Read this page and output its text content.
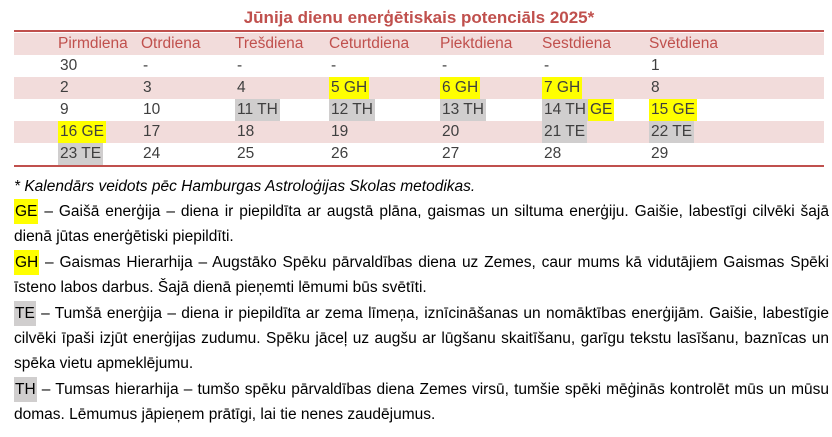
Jūnija dienu enerģētiskais potenciāls 2025*
Pirmdiena	Otrdiena	Trešdiena	Ceturtdiena	Piektdiena	Sestdiena	Svētdiena
30	-	-	-	-	-	1
2	3	4	5 GH	6 GH	7 GH	8
9	10	11 TH	12 TH	13 TH	14 TH GE	15 GE
16 GE	17	18	19	20	21 TE	22 TE
23 TE	24	25	26	27	28	29
* Kalendārs veidots pēc Hamburgas Astroloģijas Skolas metodikas.
GE – Gaišā enerģija – diena ir piepildīta ar augstā plāna, gaismas un siltuma enerģiju. Gaišie, labestīgi cilvēki šajā dienā jūtas enerģētiski piepildīti.
GH – Gaismas Hierarhija – Augstāko Spēku pārvaldības diena uz Zemes, caur mums kā vidutājiem Gaismas Spēki īsteno labos darbus. Šajā dienā pieņemti lēmumi būs svētīti.
TE – Tumšā enerģija – diena ir piepildīta ar zema līmeņa, iznīcināšanas un nomāktības enerģijām. Gaišie, labestīgie cilvēki īpaši izjūt enerģijas zudumu. Spēku jāceļ uz augšu ar lūgšanu skaitīšanu, garīgu tekstu lasīšanu, baznīcas un spēka vietu apmeklējumu.
TH – Tumsas hierarhija – tumšo spēku pārvaldības diena Zemes virsū, tumšie spēki mēģinās kontrolēt mūs un mūsu domas. Lēmumus jāpieņem prātīgi, lai tie nenes zaudējumus.
